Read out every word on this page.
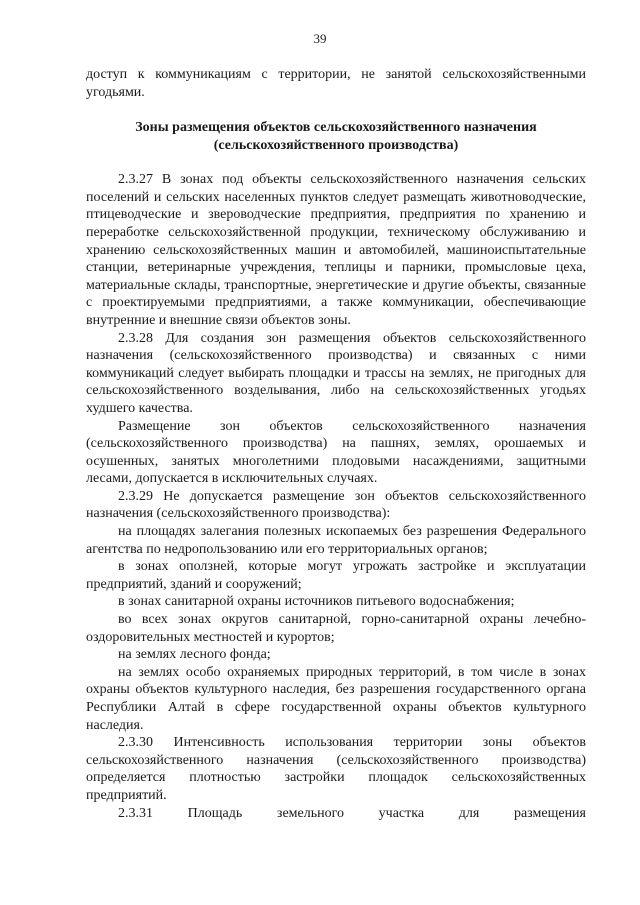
39

доступ к коммуникациям с территории, не занятой сельскохозяйственными угодьями.

Зоны размещения объектов сельскохозяйственного назначения
(сельскохозяйственного производства)

2.3.27 В зонах под объекты сельскохозяйственного назначения сельских поселений и сельских населенных пунктов следует размещать животноводческие, птицеводческие и звероводческие предприятия, предприятия по хранению и переработке сельскохозяйственной продукции, техническому обслуживанию и хранению сельскохозяйственных машин и автомобилей, машиноиспытательные станции, ветеринарные учреждения, теплицы и парники, промысловые цеха, материальные склады, транспортные, энергетические и другие объекты, связанные с проектируемыми предприятиями, а также коммуникации, обеспечивающие внутренние и внешние связи объектов зоны.

2.3.28 Для создания зон размещения объектов сельскохозяйственного назначения (сельскохозяйственного производства) и связанных с ними коммуникаций следует выбирать площадки и трассы на землях, не пригодных для сельскохозяйственного возделывания, либо на сельскохозяйственных угодьях худшего качества.

Размещение зон объектов сельскохозяйственного назначения (сельскохозяйственного производства) на пашнях, землях, орошаемых и осушенных, занятых многолетними плодовыми насаждениями, защитными лесами, допускается в исключительных случаях.

2.3.29 Не допускается размещение зон объектов сельскохозяйственного назначения (сельскохозяйственного производства):

на площадях залегания полезных ископаемых без разрешения Федерального агентства по недропользованию или его территориальных органов;

в зонах оползней, которые могут угрожать застройке и эксплуатации предприятий, зданий и сооружений;

в зонах санитарной охраны источников питьевого водоснабжения;

во всех зонах округов санитарной, горно-санитарной охраны лечебно-оздоровительных местностей и курортов;

на землях лесного фонда;

на землях особо охраняемых природных территорий, в том числе в зонах охраны объектов культурного наследия, без разрешения государственного органа Республики Алтай в сфере государственной охраны объектов культурного наследия.

2.3.30 Интенсивность использования территории зоны объектов сельскохозяйственного назначения (сельскохозяйственного производства) определяется плотностью застройки площадок сельскохозяйственных предприятий.

2.3.31 Площадь земельного участка для размещения
